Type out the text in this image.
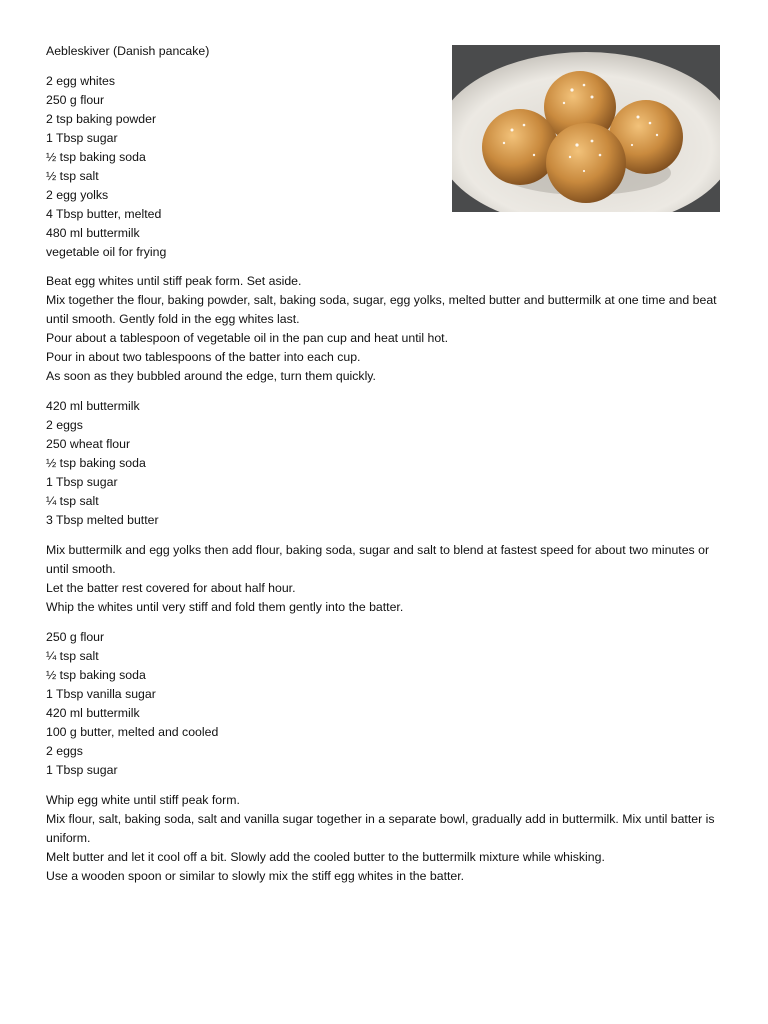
Aebleskiver (Danish pancake)

2 egg whites
250 g flour
2 tsp baking powder
1 Tbsp sugar
½ tsp baking soda
½ tsp salt
2 egg yolks
4 Tbsp butter, melted
480 ml buttermilk
vegetable oil for frying

Beat egg whites until stiff peak form. Set aside.

Mix together the flour, baking powder, salt, baking soda, sugar, egg yolks, melted butter and buttermilk at one time and beat until smooth. Gently fold in the egg whites last.

Pour about a tablespoon of vegetable oil in the pan cup and heat until hot.

Pour in about two tablespoons of the batter into each cup.

As soon as they bubbled around the edge, turn them quickly.

420 ml buttermilk
2 eggs
250 wheat flour
½ tsp baking soda
1 Tbsp sugar
¼ tsp salt
3 Tbsp melted butter

Mix buttermilk and egg yolks then add flour, baking soda, sugar and salt to blend at fastest speed for about two minutes or until smooth.

Let the batter rest covered for about half hour.

Whip the whites until very stiff and fold them gently into the batter.

250 g flour
¼ tsp salt
½ tsp baking soda
1 Tbsp vanilla sugar
420 ml buttermilk
100 g butter, melted and cooled
2 eggs
1 Tbsp sugar

Whip egg white until stiff peak form.

Mix flour, salt, baking soda, salt and vanilla sugar together in a separate bowl, gradually add in buttermilk. Mix until batter is uniform.

Melt butter and let it cool off a bit. Slowly add the cooled butter to the buttermilk mixture while whisking.

Use a wooden spoon or similar to slowly mix the stiff egg whites in the batter.
